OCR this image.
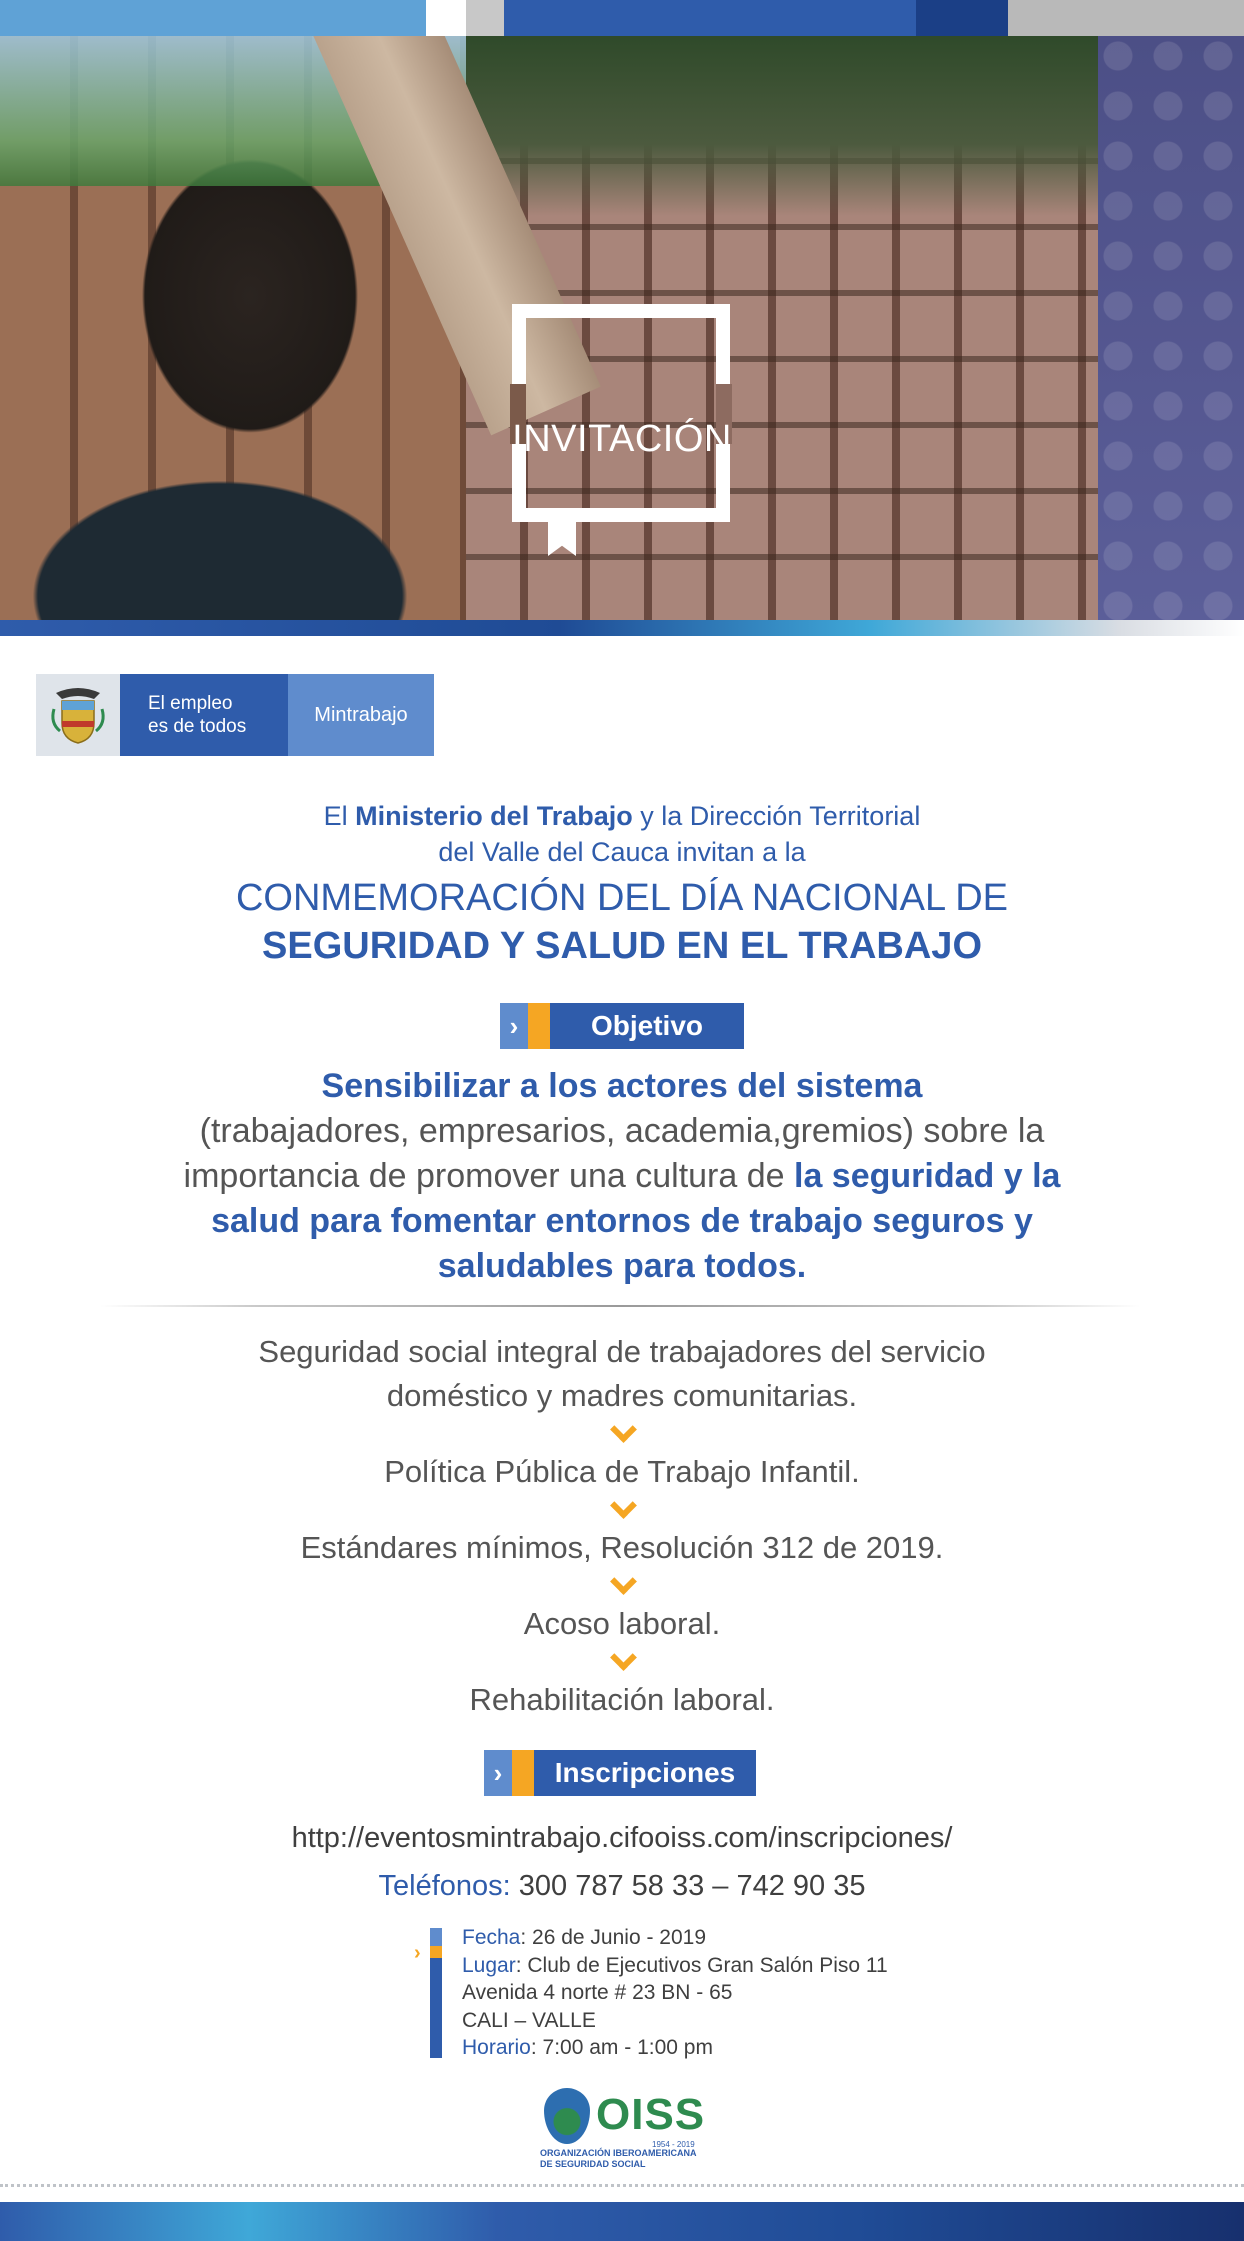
INVITACIÓN
El empleo
es de todos
Mintrabajo
El Ministerio del Trabajo y la Dirección Territorial
del Valle del Cauca invitan a la
CONMEMORACIÓN DEL DÍA NACIONAL DE
SEGURIDAD Y SALUD EN EL TRABAJO
›	Objetivo
Sensibilizar a los actores del sistema
(trabajadores, empresarios, academia,gremios) sobre la
importancia de promover una cultura de la seguridad y la
salud para fomentar entornos de trabajo seguros y
saludables para todos.
Seguridad social integral de trabajadores del servicio
doméstico y madres comunitarias.
Política Pública de Trabajo Infantil.
Estándares mínimos, Resolución 312 de 2019.
Acoso laboral.
Rehabilitación laboral.
›	Inscripciones
http://eventosmintrabajo.cifooiss.com/inscripciones/
Teléfonos: 300 787 58 33 – 742 90 35
›
Fecha: 26 de Junio - 2019
Lugar: Club de Ejecutivos Gran Salón Piso 11
Avenida 4 norte # 23 BN - 65
CALI – VALLE
Horario: 7:00 am - 1:00 pm
OISS
1954 - 2019
ORGANIZACIÓN IBEROAMERICANA
DE SEGURIDAD SOCIAL
